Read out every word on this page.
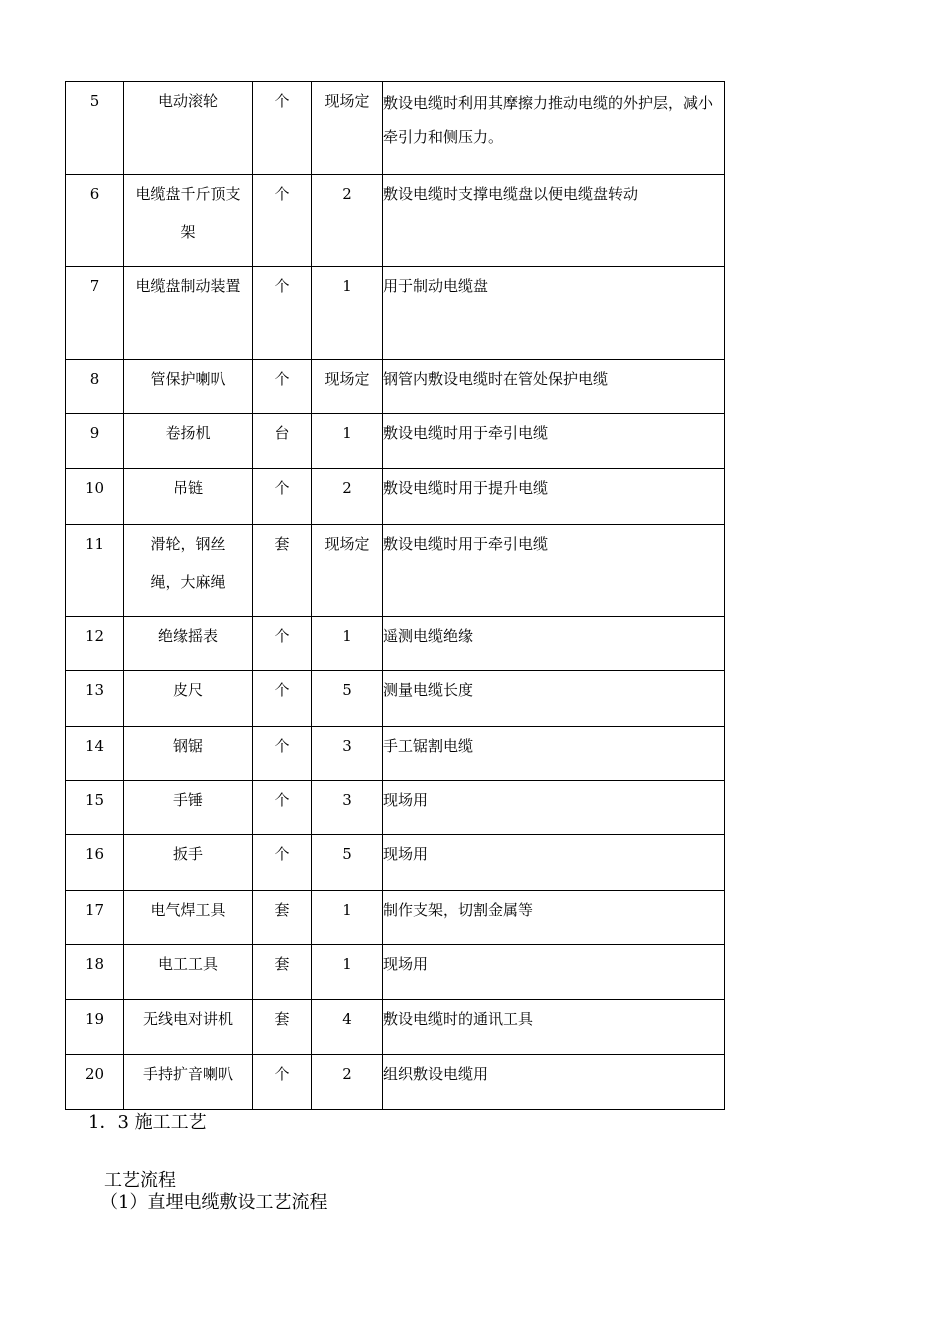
5	电动滚轮	个	现场定	敷设电缆时利用其摩擦力推动电缆的外护层，减小牵引力和侧压力。
6	电缆盘千斤顶支架	个	2	敷设电缆时支撑电缆盘以便电缆盘转动
7	电缆盘制动装置	个	1	用于制动电缆盘
8	管保护喇叭	个	现场定	钢管内敷设电缆时在管处保护电缆
9	卷扬机	台	1	敷设电缆时用于牵引电缆
10	吊链	个	2	敷设电缆时用于提升电缆
11	滑轮，钢丝绳，大麻绳	套	现场定	敷设电缆时用于牵引电缆
12	绝缘摇表	个	1	遥测电缆绝缘
13	皮尺	个	5	测量电缆长度
14	钢锯	个	3	手工锯割电缆
15	手锤	个	3	现场用
16	扳手	个	5	现场用
17	电气焊工具	套	1	制作支架，切割金属等
18	电工工具	套	1	现场用
19	无线电对讲机	套	4	敷设电缆时的通讯工具
20	手持扩音喇叭	个	2	组织敷设电缆用
1．3 施工工艺
工艺流程
（1）直埋电缆敷设工艺流程
